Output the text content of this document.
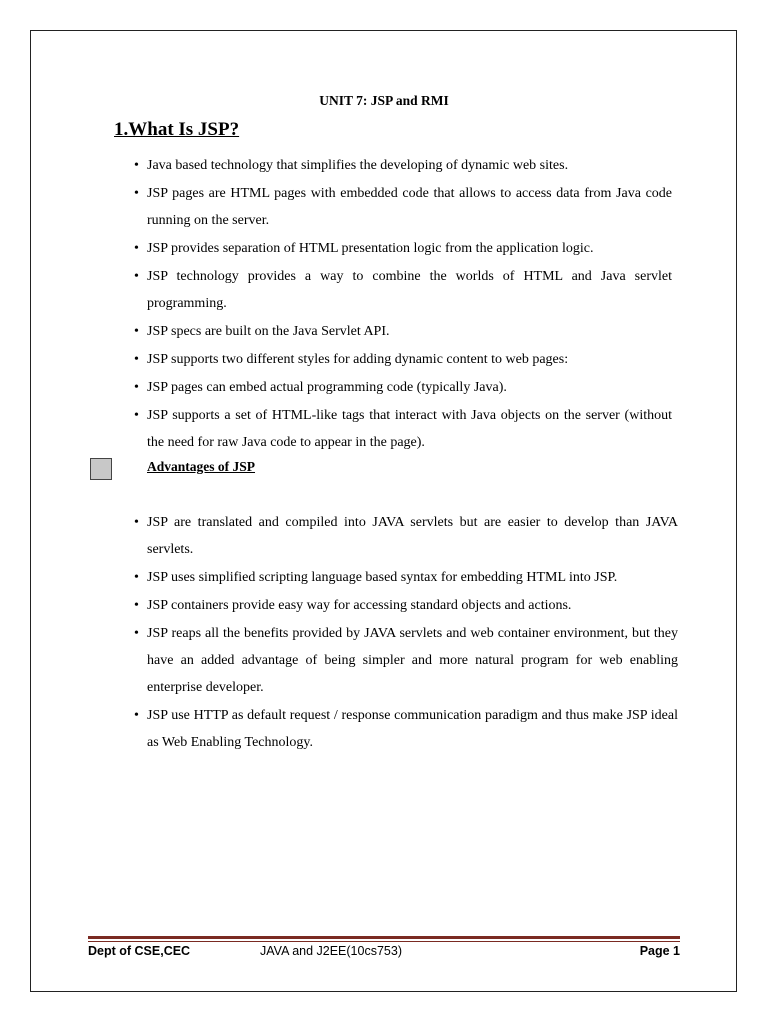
UNIT 7: JSP and RMI
1.What Is JSP?
• Java based technology that simplifies the developing of dynamic web sites.
• JSP pages are HTML pages with embedded code that allows to access data from Java code running on the server.
• JSP provides separation of HTML presentation logic from the application logic.
• JSP technology provides a way to combine the worlds of HTML and Java servlet programming.
• JSP specs are built on the Java Servlet API.
• JSP supports two different styles for adding dynamic content to web pages:
• JSP pages can embed actual programming code (typically Java).
• JSP supports a set of HTML-like tags that interact with Java objects on the server (without the need for raw Java code to appear in the page).
Advantages of JSP
• JSP are translated and compiled into JAVA servlets but are easier to develop than JAVA servlets.
• JSP uses simplified scripting language based syntax for embedding HTML into JSP.
• JSP containers provide easy way for accessing standard objects and actions.
• JSP reaps all the benefits provided by JAVA servlets and web container environment, but they have an added advantage of being simpler and more natural program for web enabling enterprise developer.
• JSP use HTTP as default request / response communication paradigm and thus make JSP ideal as Web Enabling Technology.
Dept of CSE,CEC	JAVA and J2EE(10cs753)	Page 1
